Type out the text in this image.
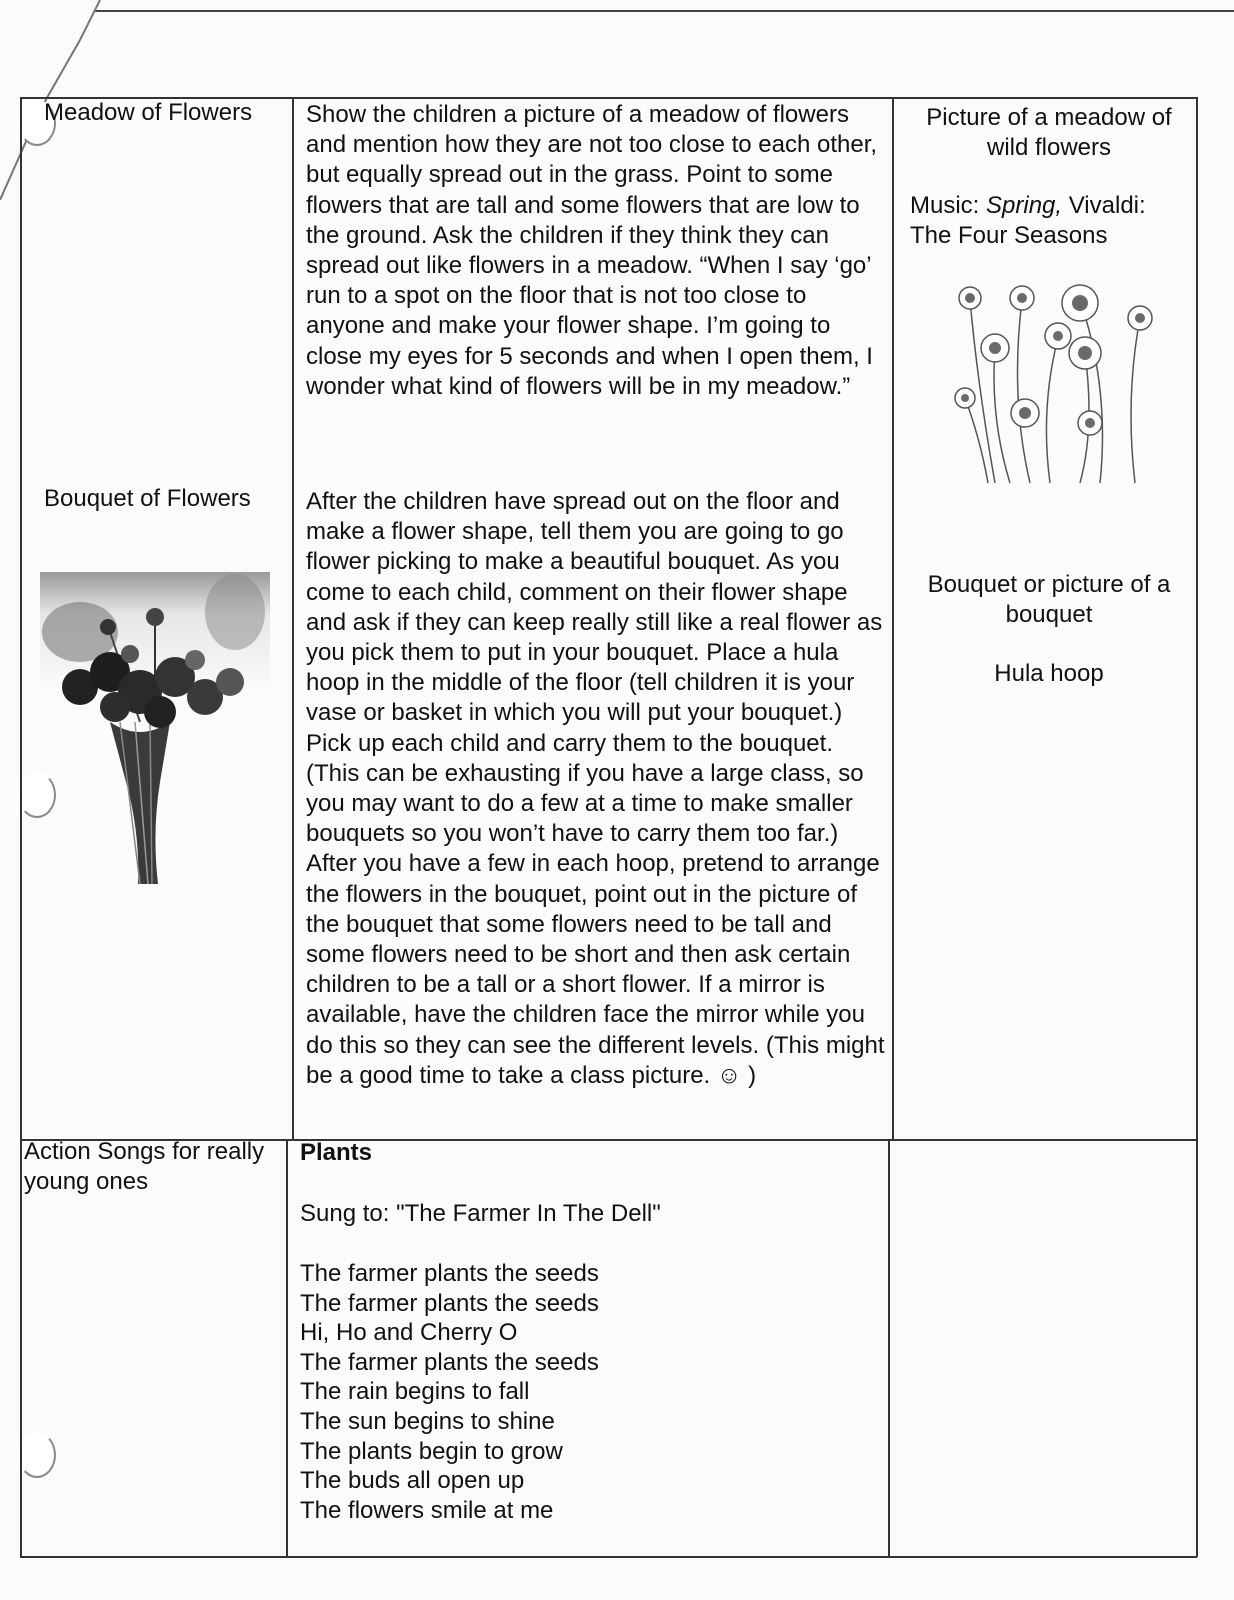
Meadow of Flowers
Bouquet of Flowers
Show the children a picture of a meadow of flowers and mention how they are not too close to each other, but equally spread out in the grass. Point to some flowers that are tall and some flowers that are low to the ground. Ask the children if they think they can spread out like flowers in a meadow. “When I say ‘go’ run to a spot on the floor that is not too close to anyone and make your flower shape. I’m going to close my eyes for 5 seconds and when I open them, I wonder what kind of flowers will be in my meadow.”
After the children have spread out on the floor and make a flower shape, tell them you are going to go flower picking to make a beautiful bouquet. As you come to each child, comment on their flower shape and ask if they can keep really still like a real flower as you pick them to put in your bouquet. Place a hula hoop in the middle of the floor (tell children it is your vase or basket in which you will put your bouquet.) Pick up each child and carry them to the bouquet. (This can be exhausting if you have a large class, so you may want to do a few at a time to make smaller bouquets so you won’t have to carry them too far.) After you have a few in each hoop, pretend to arrange the flowers in the bouquet, point out in the picture of the bouquet that some flowers need to be tall and some flowers need to be short and then ask certain children to be a tall or a short flower. If a mirror is available, have the children face the mirror while you do this so they can see the different levels. (This might be a good time to take a class picture. ☺ )
Picture of a meadow of wild flowers
Music: Spring, Vivaldi: The Four Seasons
Bouquet or picture of a bouquet
Hula hoop
Action Songs for really young ones
Plants
Sung to: "The Farmer In The Dell"
The farmer plants the seeds
The farmer plants the seeds
Hi, Ho and Cherry O
The farmer plants the seeds
The rain begins to fall
The sun begins to shine
The plants begin to grow
The buds all open up
The flowers smile at me
